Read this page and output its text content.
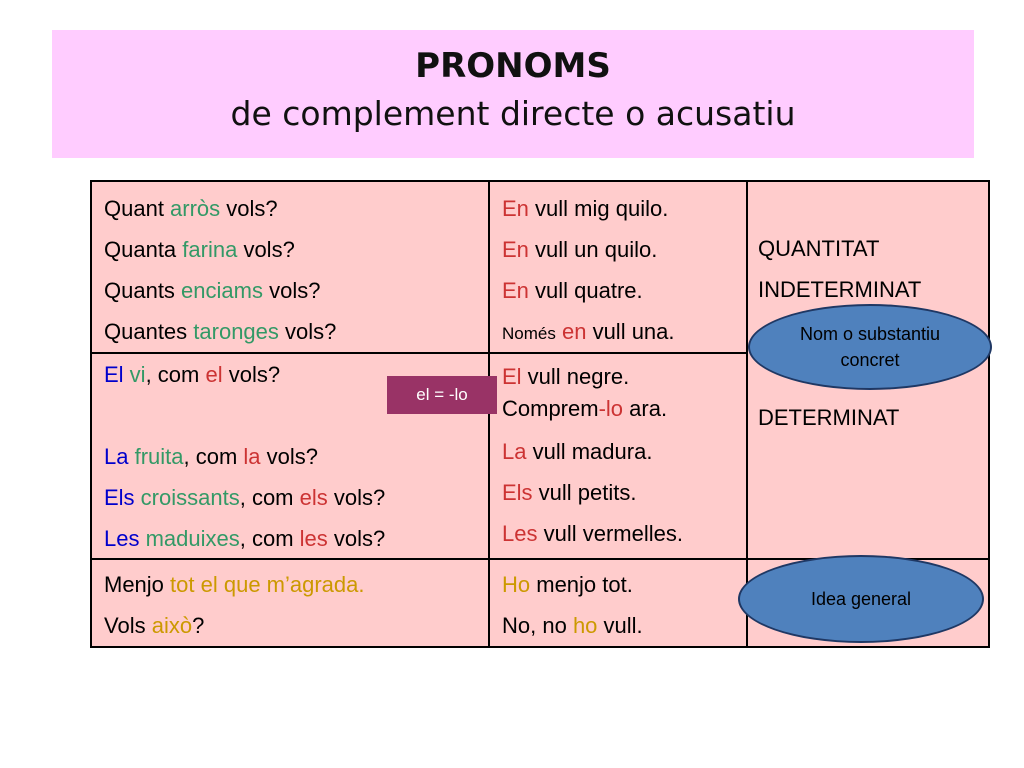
PRONOMS
de complement directe o acusatiu
Quant arròs vols?
Quanta farina vols?
Quants enciams vols?
Quantes taronges vols?
En vull mig quilo.
En vull un quilo.
En vull quatre.
Només en vull una.
QUANTITAT
INDETERMINAT
El vi, com el vols?
La fruita, com la vols?
Els croissants, com els vols?
Les maduixes, com les vols?
El vull negre.
Comprem-lo ara.
La vull madura.
Els vull petits.
Les vull vermelles.
DETERMINAT
Menjo tot el que m’agrada.
Vols això?
Ho menjo tot.
No, no ho vull.
Nom o substantiu
concret
Idea general
el = -lo
